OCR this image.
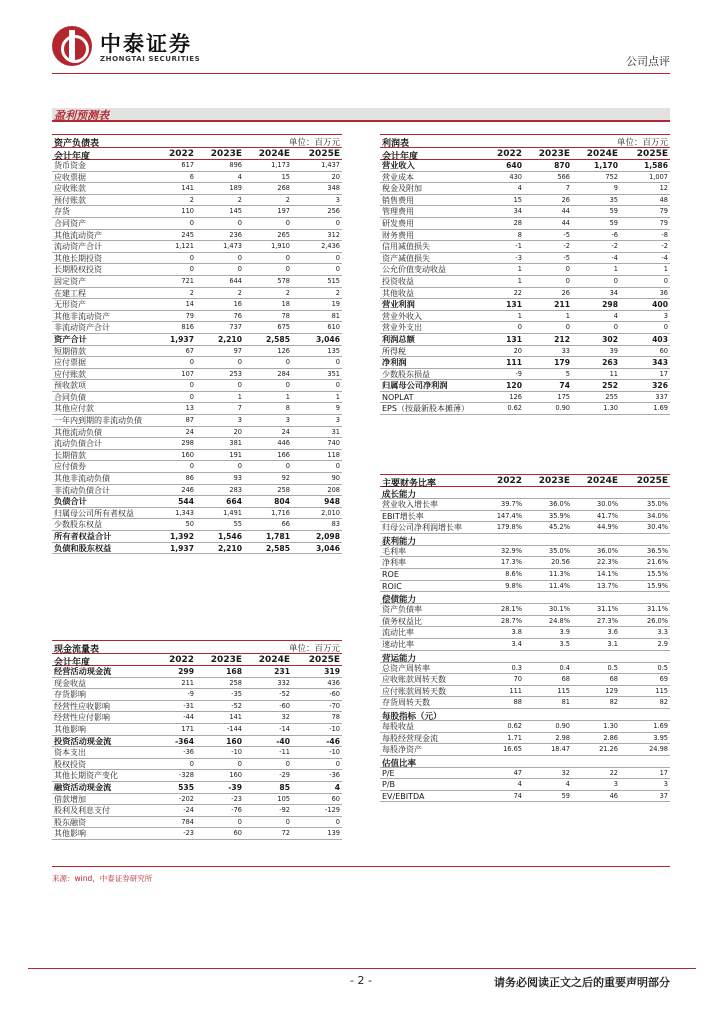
中泰证券
ZHONGTAI SECURITIES	公司点评
盈利预测表
资产负债表	单位：百万元
会计年度	2022	2023E	2024E	2025E
货币资金	617	896	1,173	1,437
应收票据	6	4	15	20
应收账款	141	189	268	348
预付账款	2	2	2	3
存货	110	145	197	256
合同资产	0	0	0	0
其他流动资产	245	236	265	312
流动资产合计	1,121	1,473	1,910	2,436
其他长期投资	0	0	0	0
长期股权投资	0	0	0	0
固定资产	721	644	578	515
在建工程	2	2	2	2
无形资产	14	16	18	19
其他非流动资产	79	76	78	81
非流动资产合计	816	737	675	610
资产合计	1,937	2,210	2,585	3,046
短期借款	67	97	126	135
应付票据	0	0	0	0
应付账款	107	253	284	351
预收款项	0	0	0	0
合同负债	0	1	1	1
其他应付款	13	7	8	9
一年内到期的非流动负债	87	3	3	3
其他流动负债	24	20	24	31
流动负债合计	298	381	446	740
长期借款	160	191	166	118
应付债券	0	0	0	0
其他非流动负债	86	93	92	90
非流动负债合计	246	283	258	208
负债合计	544	664	804	948
归属母公司所有者权益	1,343	1,491	1,716	2,010
少数股东权益	50	55	66	83
所有者权益合计	1,392	1,546	1,781	2,098
负债和股东权益	1,937	2,210	2,585	3,046
现金流量表	单位：百万元
会计年度	2022	2023E	2024E	2025E
经营活动现金流	299	168	231	319
现金收益	211	258	332	436
存货影响	-9	-35	-52	-60
经营性应收影响	-31	-52	-60	-70
经营性应付影响	-44	141	32	78
其他影响	171	-144	-14	-10
投资活动现金流	-364	160	-40	-46
资本支出	-36	-10	-11	-10
股权投资	0	0	0	0
其他长期资产变化	-328	160	-29	-36
融资活动现金流	535	-39	85	4
借款增加	-202	-23	105	60
股利及利息支付	-24	-76	-92	-129
股东融资	784	0	0	0
其他影响	-23	60	72	139
利润表	单位：百万元
会计年度	2022	2023E	2024E	2025E
营业收入	640	870	1,170	1,586
营业成本	430	566	752	1,007
税金及附加	4	7	9	12
销售费用	15	26	35	48
管理费用	34	44	59	79
研发费用	28	44	59	79
财务费用	8	-5	-6	-8
信用减值损失	-1	-2	-2	-2
资产减值损失	-3	-5	-4	-4
公允价值变动收益	1	0	1	1
投资收益	1	0	0	0
其他收益	22	26	34	36
营业利润	131	211	298	400
营业外收入	1	1	4	3
营业外支出	0	0	0	0
利润总额	131	212	302	403
所得税	20	33	39	60
净利润	111	179	263	343
少数股东损益	-9	5	11	17
归属母公司净利润	120	74	252	326
NOPLAT	126	175	255	337
EPS（按最新股本摊薄）	0.62	0.90	1.30	1.69
主要财务比率	2022	2023E	2024E	2025E
成长能力
营业收入增长率	39.7%	36.0%	30.0%	35.0%
EBIT增长率	147.4%	35.9%	41.7%	34.0%
归母公司净利润增长率	179.8%	45.2%	44.9%	30.4%
获利能力
毛利率	32.9%	35.0%	36.0%	36.5%
净利率	17.3%	20.56	22.3%	21.6%
ROE	8.6%	11.3%	14.1%	15.5%
ROIC	9.8%	11.4%	13.7%	15.9%
偿债能力
资产负债率	28.1%	30.1%	31.1%	31.1%
债务权益比	28.7%	24.8%	27.3%	26.0%
流动比率	3.8	3.9	3.6	3.3
速动比率	3.4	3.5	3.1	2.9
营运能力
总资产周转率	0.3	0.4	0.5	0.5
应收账款周转天数	70	68	68	69
应付账款周转天数	111	115	129	115
存货周转天数	88	81	82	82
每股指标（元）
每股收益	0.62	0.90	1.30	1.69
每股经营现金流	1.71	2.98	2.86	3.95
每股净资产	16.65	18.47	21.26	24.98
估值比率
P/E	47	32	22	17
P/B	4	4	3	3
EV/EBITDA	74	59	46	37
来源：wind，中泰证券研究所
- 2 -	请务必阅读正文之后的重要声明部分
